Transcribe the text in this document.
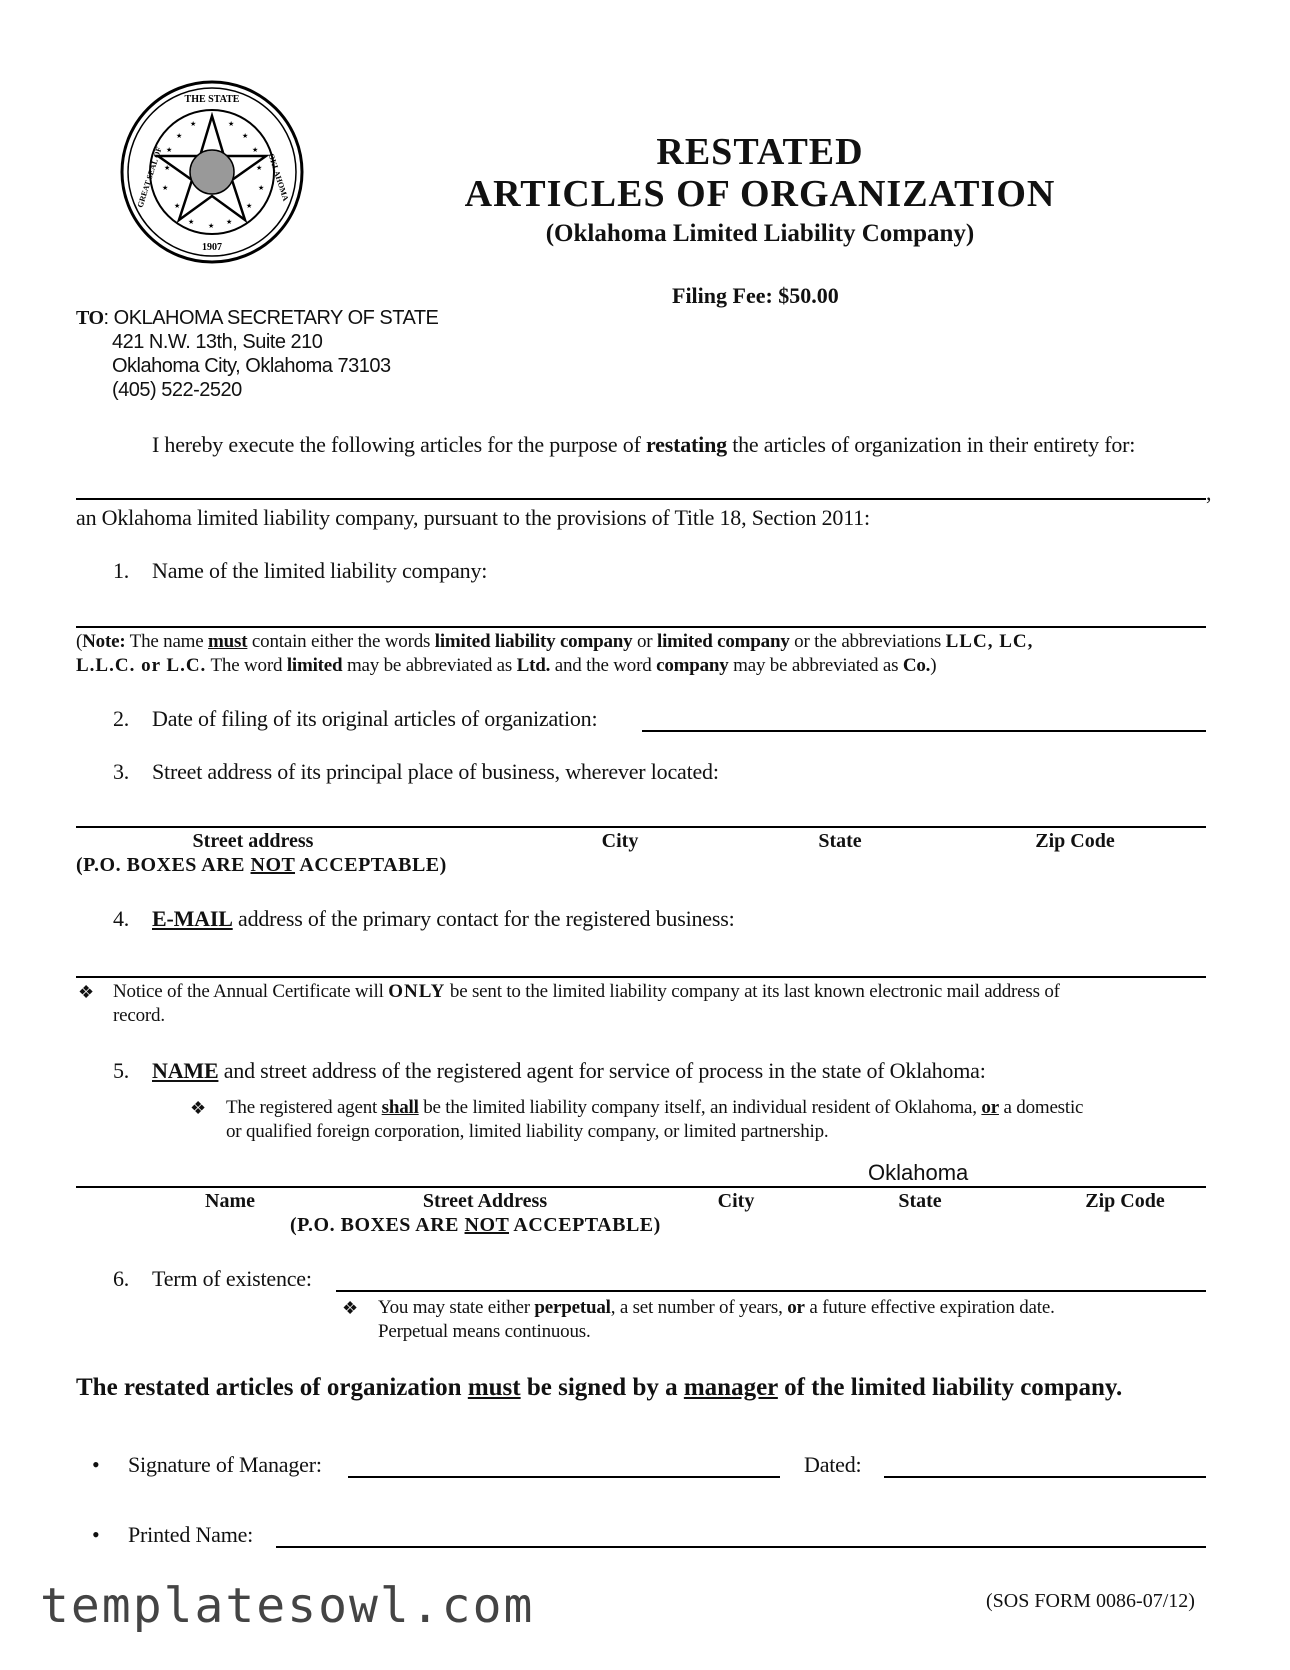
★	★
★	★
★	★
★
★	★
★	★
★	★
★	★
1907
THE STATE
GREAT SEAL OF	OKLAHOMA
RESTATED
ARTICLES OF ORGANIZATION
(Oklahoma Limited Liability Company)
Filing Fee: $50.00
TO: OKLAHOMA SECRETARY OF STATE
421 N.W. 13th, Suite 210
Oklahoma City, Oklahoma 73103
(405) 522-2520
I hereby execute the following articles for the purpose of restating the articles of organization in their entirety for:
,
an Oklahoma limited liability company, pursuant to the provisions of Title 18, Section 2011:
1. Name of the limited liability company:
(Note: The name must contain either the words limited liability company or limited company or the abbreviations LLC, LC,
L.L.C. or L.C. The word limited may be abbreviated as Ltd. and the word company may be abbreviated as Co.)
2. Date of filing of its original articles of organization:
3. Street address of its principal place of business, wherever located:
Street address	City	State	Zip Code
(P.O. BOXES ARE NOT ACCEPTABLE)
4. E-MAIL address of the primary contact for the registered business:
❖ Notice of the Annual Certificate will ONLY be sent to the limited liability company at its last known electronic mail address of
record.
5. NAME and street address of the registered agent for service of process in the state of Oklahoma:
❖ The registered agent shall be the limited liability company itself, an individual resident of Oklahoma, or a domestic
or qualified foreign corporation, limited liability company, or limited partnership.
Oklahoma
Name	Street Address	City	State	Zip Code
(P.O. BOXES ARE NOT ACCEPTABLE)
6. Term of existence:
❖ You may state either perpetual, a set number of years, or a future effective expiration date.
Perpetual means continuous.
The restated articles of organization must be signed by a manager of the limited liability company.
• Signature of Manager:	Dated:
• Printed Name:
templatesowl.com	(SOS FORM 0086-07/12)
